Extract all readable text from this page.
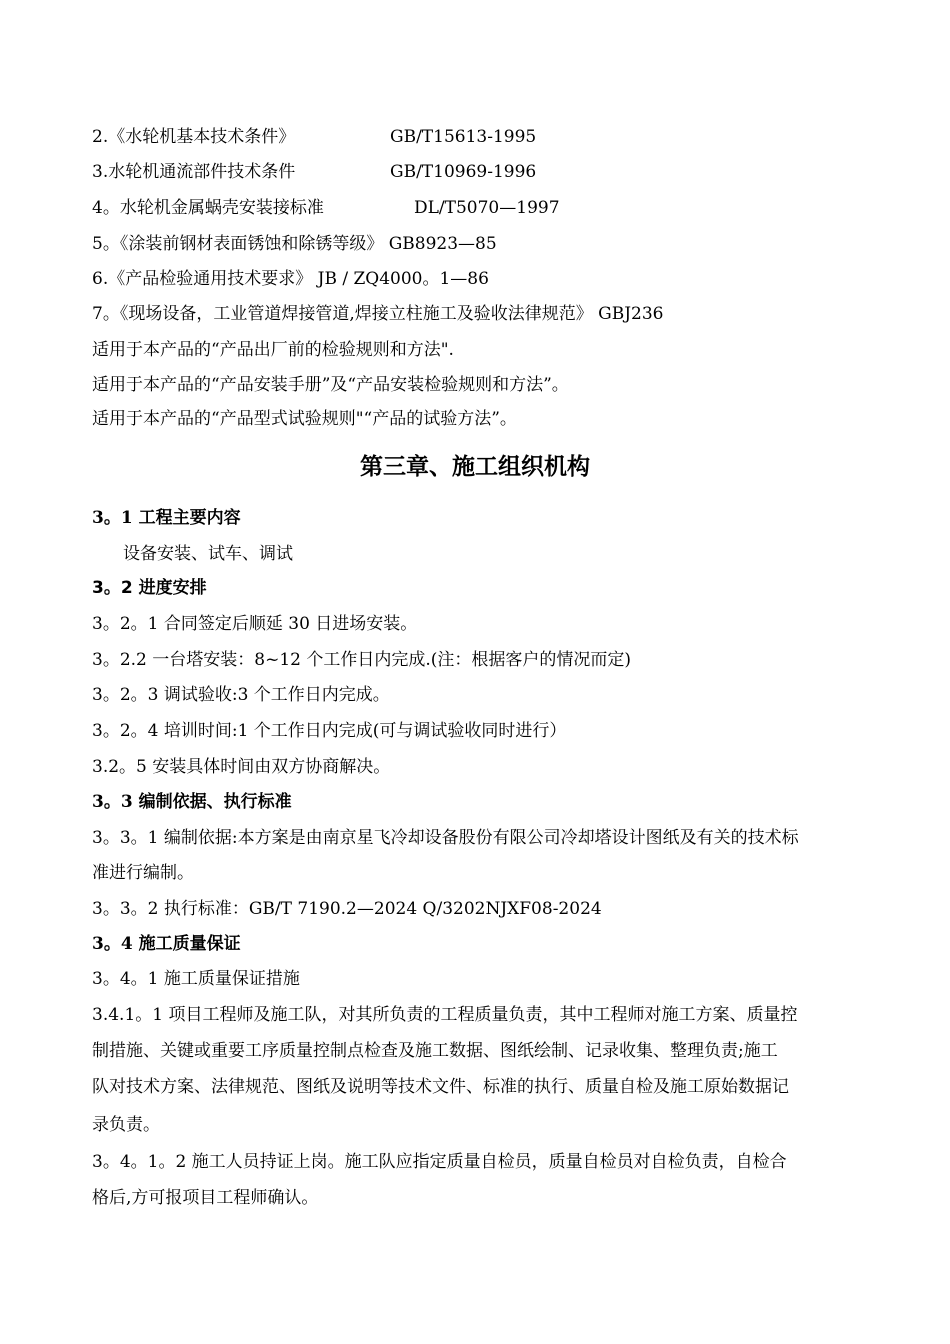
2.《水轮机基本技术条件》	GB/T15613-1995
3.水轮机通流部件技术条件	GB/T10969-1996
4。水轮机金属蜗壳安装接标准	DL/T5070—1997
5。《涂装前钢材表面锈蚀和除锈等级》 GB8923—85
6.《产品检验通用技术要求》 JB / ZQ4000。1—86
7。《现场设备，工业管道焊接管道,焊接立柱施工及验收法律规范》 GBJ236
适用于本产品的“产品出厂前的检验规则和方法".
适用于本产品的“产品安装手册”及“产品安装检验规则和方法”。
适用于本产品的“产品型式试验规则"“产品的试验方法”。
第三章、施工组织机构
3。1 工程主要内容
设备安装、试车、调试
3。2 进度安排
3。2。1 合同签定后顺延 30 日进场安装。
3。2.2 一台塔安装：8~12 个工作日内完成.(注：根据客户的情况而定)
3。2。3 调试验收:3 个工作日内完成。
3。2。4 培训时间:1 个工作日内完成(可与调试验收同时进行）
3.2。5 安装具体时间由双方协商解决。
3。3 编制依据、执行标准
3。3。1 编制依据:本方案是由南京星飞冷却设备股份有限公司冷却塔设计图纸及有关的技术标
准进行编制。
3。3。2 执行标准：GB/T 7190.2—2024 Q/3202NJXF08-2024
3。4 施工质量保证
3。4。1 施工质量保证措施
3.4.1。1 项目工程师及施工队，对其所负责的工程质量负责，其中工程师对施工方案、质量控
制措施、关键或重要工序质量控制点检查及施工数据、图纸绘制、记录收集、整理负责;施工
队对技术方案、法律规范、图纸及说明等技术文件、标准的执行、质量自检及施工原始数据记
录负责。
3。4。1。2 施工人员持证上岗。施工队应指定质量自检员，质量自检员对自检负责，自检合
格后,方可报项目工程师确认。
